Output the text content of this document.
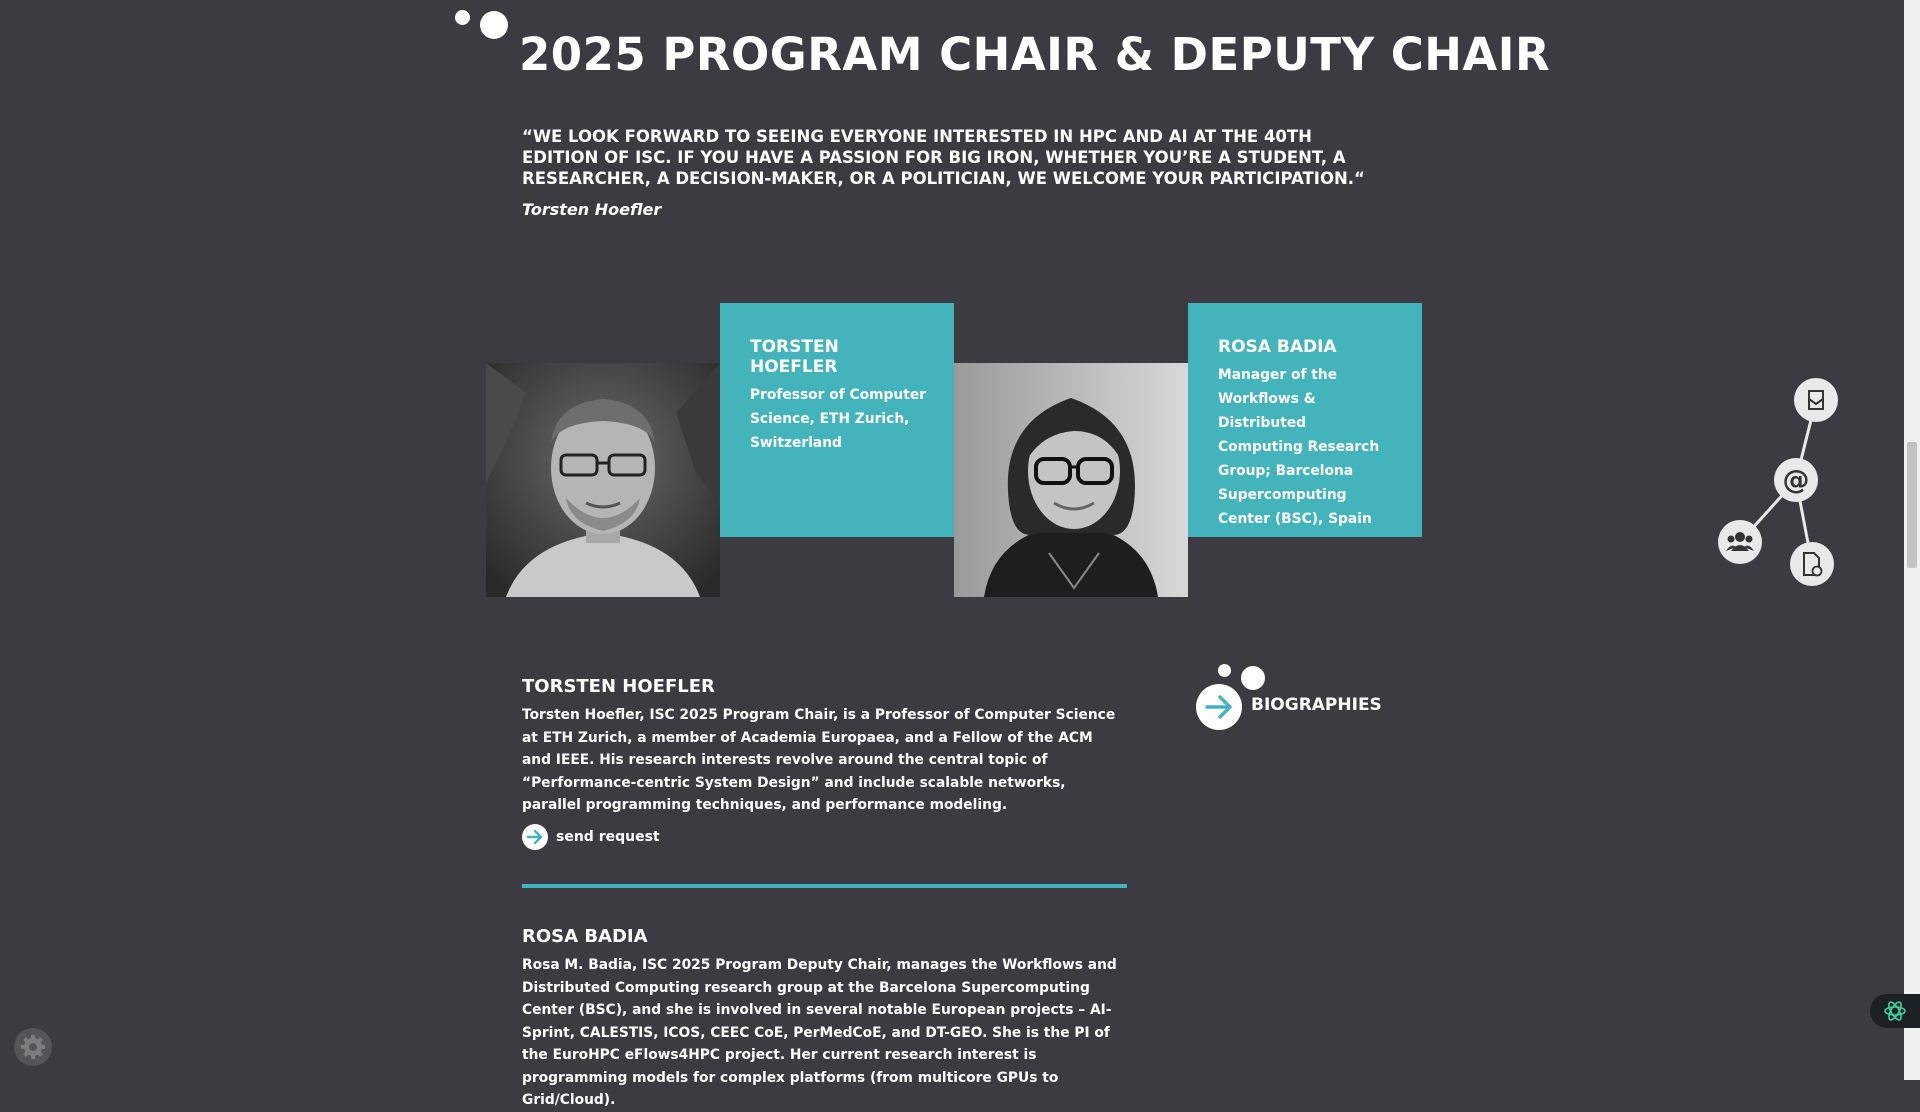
2025 PROGRAM CHAIR & DEPUTY CHAIR

“WE LOOK FORWARD TO SEEING EVERYONE INTERESTED IN HPC AND AI AT THE 40TH EDITION OF ISC. IF YOU HAVE A PASSION FOR BIG IRON, WHETHER YOU’RE A STUDENT, A RESEARCHER, A DECISION-MAKER, OR A POLITICIAN, WE WELCOME YOUR PARTICIPATION.“

Torsten Hoefler

TORSTEN HOEFLER

Professor of Computer Science, ETH Zurich, Switzerland

ROSA BADIA

Manager of the Workflows & Distributed Computing Research Group; Barcelona Supercomputing Center (BSC), Spain

TORSTEN HOEFLER

Torsten Hoefler, ISC 2025 Program Chair, is a Professor of Computer Science at ETH Zurich, a member of Academia Europaea, and a Fellow of the ACM and IEEE. His research interests revolve around the central topic of “Performance-centric System Design” and include scalable networks, parallel programming techniques, and performance modeling.

send request

ROSA BADIA

Rosa M. Badia, ISC 2025 Program Deputy Chair, manages the Workflows and Distributed Computing research group at the Barcelona Supercomputing Center (BSC), and she is involved in several notable European projects – AI-Sprint, CALESTIS, ICOS, CEEC CoE, PerMedCoE, and DT-GEO. She is the PI of the EuroHPC eFlows4HPC project. Her current research interest is programming models for complex platforms (from multicore GPUs to Grid/Cloud).

BIOGRAPHIES
@
